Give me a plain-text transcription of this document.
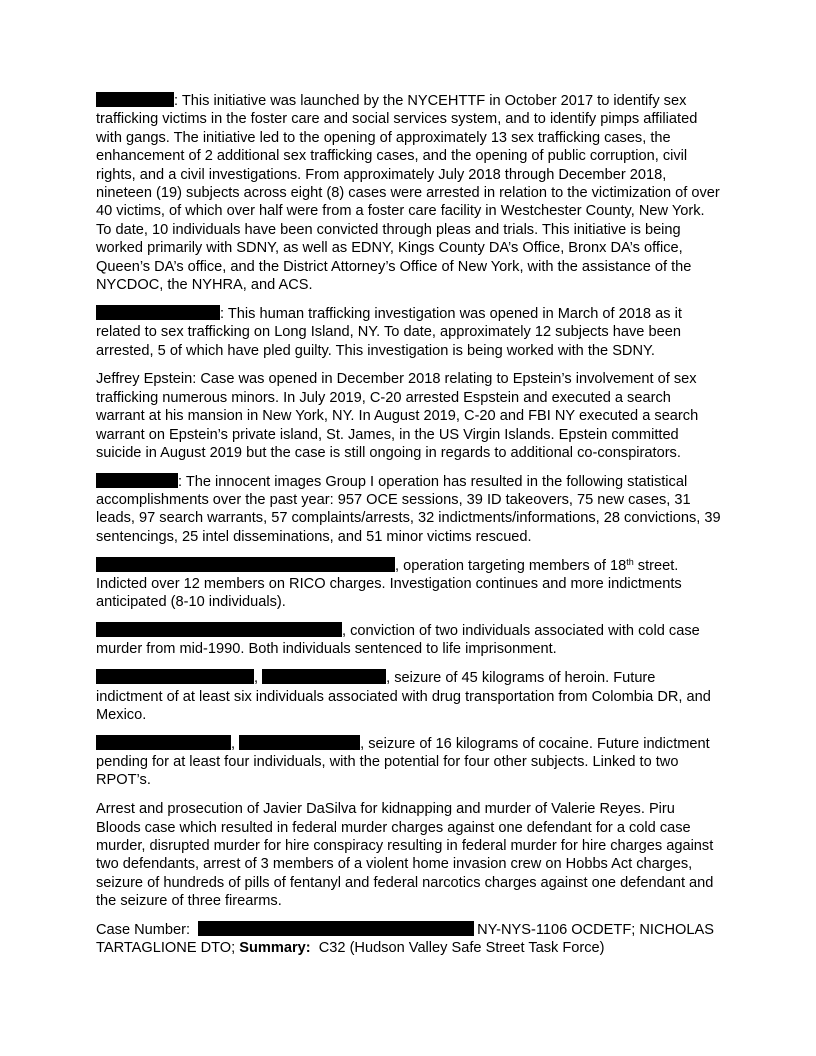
: This initiative was launched by the NYCEHTTF in October 2017 to identify sex trafficking victims in the foster care and social services system, and to identify pimps affiliated with gangs. The initiative led to the opening of approximately 13 sex trafficking cases, the enhancement of 2 additional sex trafficking cases, and the opening of public corruption, civil rights, and a civil investigations. From approximately July 2018 through December 2018, nineteen (19) subjects across eight (8) cases were arrested in relation to the victimization of over 40 victims, of which over half were from a foster care facility in Westchester County, New York. To date, 10 individuals have been convicted through pleas and trials. This initiative is being worked primarily with SDNY, as well as EDNY, Kings County DA’s Office, Bronx DA’s office, Queen’s DA’s office, and the District Attorney’s Office of New York, with the assistance of the NYCDOC, the NYHRA, and ACS.

: This human trafficking investigation was opened in March of 2018 as it related to sex trafficking on Long Island, NY. To date, approximately 12 subjects have been arrested, 5 of which have pled guilty. This investigation is being worked with the SDNY.

Jeffrey Epstein: Case was opened in December 2018 relating to Epstein’s involvement of sex trafficking numerous minors. In July 2019, C-20 arrested Espstein and executed a search warrant at his mansion in New York, NY. In August 2019, C-20 and FBI NY executed a search warrant on Epstein’s private island, St. James, in the US Virgin Islands. Epstein committed suicide in August 2019 but the case is still ongoing in regards to additional co-conspirators.

: The innocent images Group I operation has resulted in the following statistical accomplishments over the past year: 957 OCE sessions, 39 ID takeovers, 75 new cases, 31 leads, 97 search warrants, 57 complaints/arrests, 32 indictments/informations, 28 convictions, 39 sentencings, 25 intel disseminations, and 51 minor victims rescued.

, operation targeting members of 18th street. Indicted over 12 members on RICO charges. Investigation continues and more indictments anticipated (8-10 individuals).

, conviction of two individuals associated with cold case murder from mid-1990. Both individuals sentenced to life imprisonment.

,	, seizure of 45 kilograms of heroin. Future indictment of at least six individuals associated with drug transportation from Colombia DR, and Mexico.

,	, seizure of 16 kilograms of cocaine. Future indictment pending for at least four individuals, with the potential for four other subjects. Linked to two RPOT’s.

Arrest and prosecution of Javier DaSilva for kidnapping and murder of Valerie Reyes. Piru Bloods case which resulted in federal murder charges against one defendant for a cold case murder, disrupted murder for hire conspiracy resulting in federal murder for hire charges against two defendants, arrest of 3 members of a violent home invasion crew on Hobbs Act charges, seizure of hundreds of pills of fentanyl and federal narcotics charges against one defendant and the seizure of three firearms.

Case Number:	NY-NYS-1106 OCDETF; NICHOLAS TARTAGLIONE DTO; Summary: C32 (Hudson Valley Safe Street Task Force)
